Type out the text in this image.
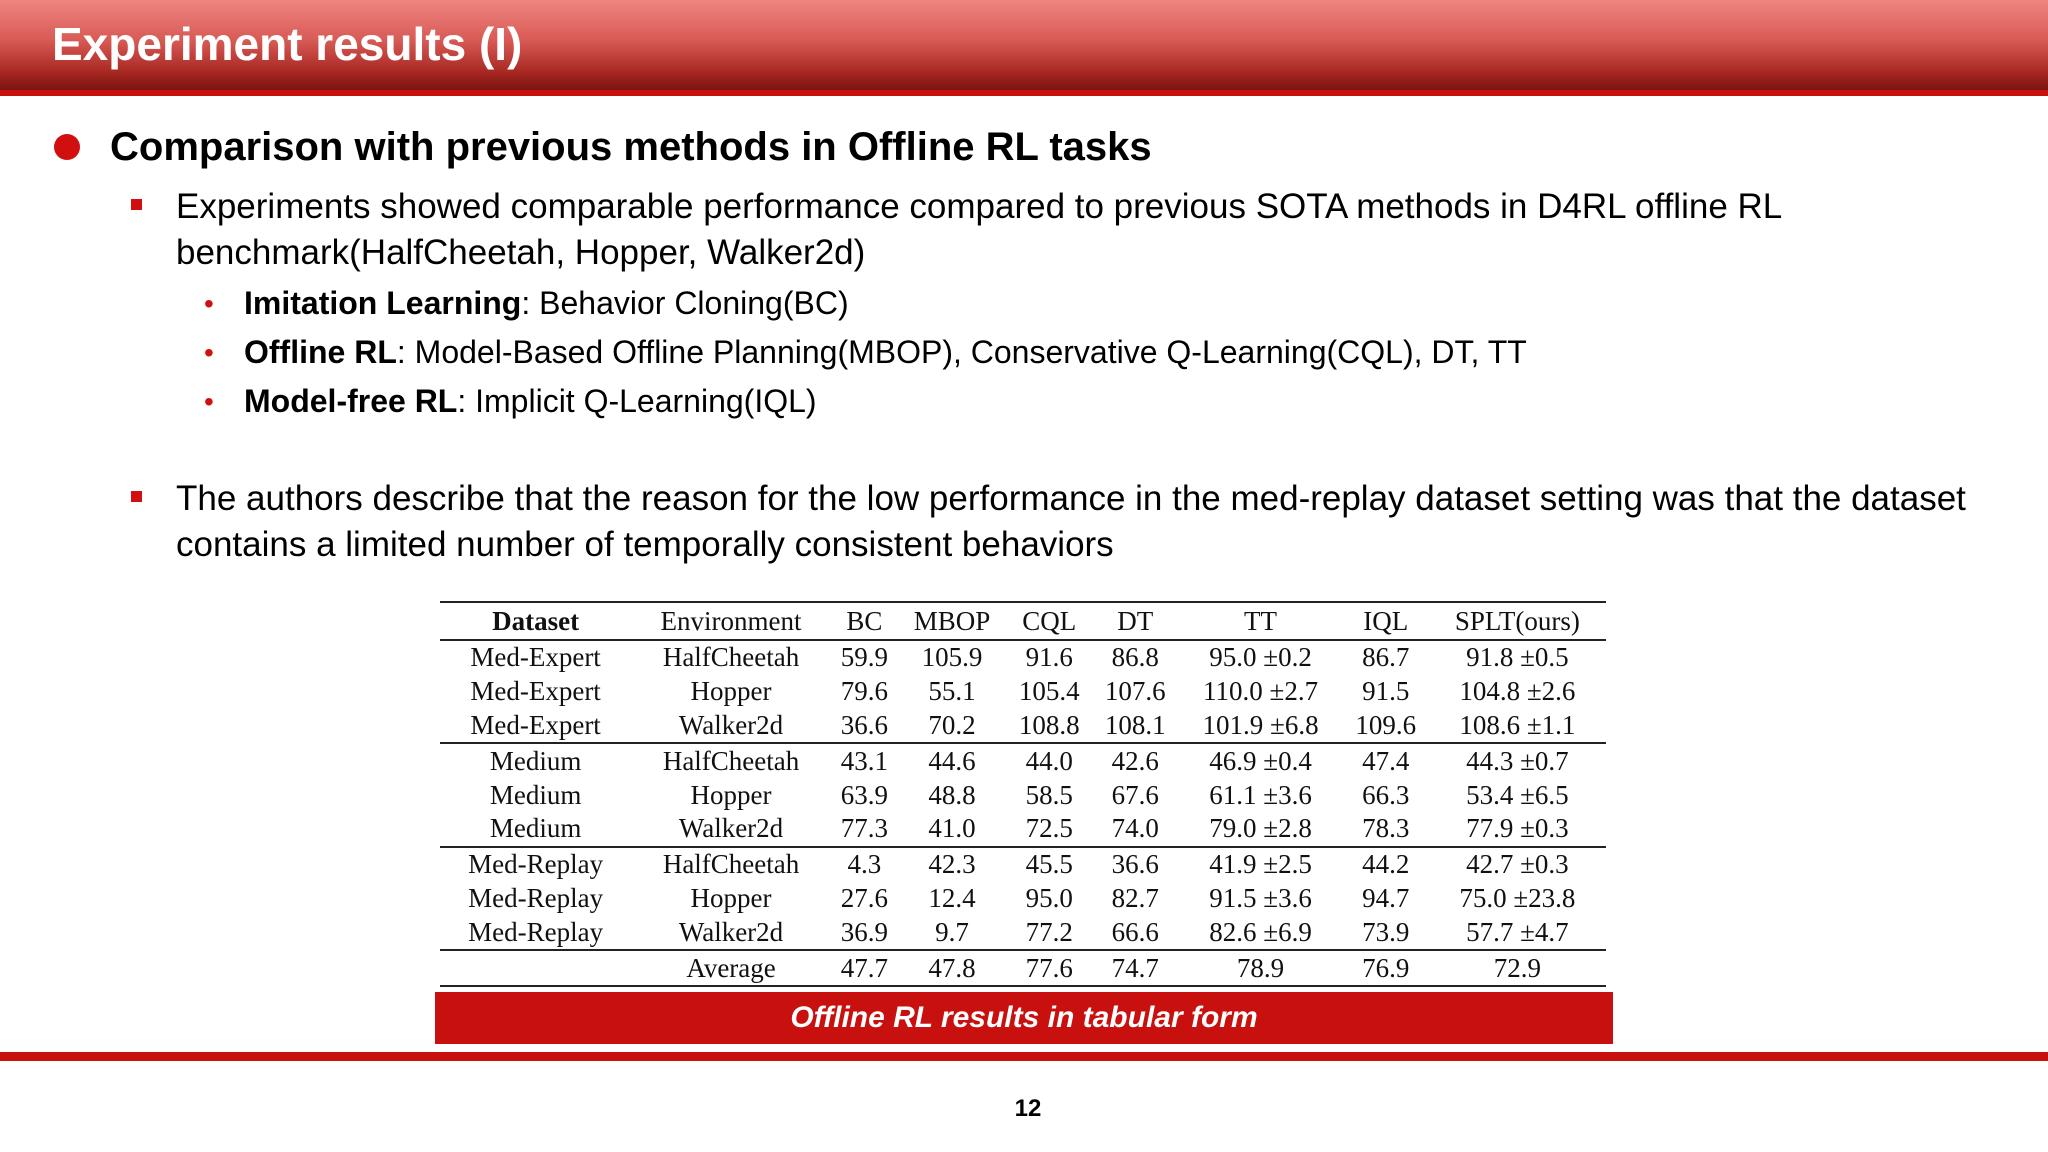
Experiment results (I)
Comparison with previous methods in Offline RL tasks
Experiments showed comparable performance compared to previous SOTA methods in D4RL offline RL benchmark(HalfCheetah, Hopper, Walker2d)
• Imitation Learning: Behavior Cloning(BC)
• Offline RL: Model-Based Offline Planning(MBOP), Conservative Q-Learning(CQL), DT, TT
• Model-free RL: Implicit Q-Learning(IQL)
The authors describe that the reason for the low performance in the med-replay dataset setting was that the dataset contains a limited number of temporally consistent behaviors
Dataset	Environment	BC	MBOP	CQL	DT	TT	IQL	SPLT(ours)
Med-Expert	HalfCheetah	59.9	105.9	91.6	86.8	95.0 ±0.2	86.7	91.8 ±0.5
Med-Expert	Hopper	79.6	55.1	105.4	107.6	110.0 ±2.7	91.5	104.8 ±2.6
Med-Expert	Walker2d	36.6	70.2	108.8	108.1	101.9 ±6.8	109.6	108.6 ±1.1
Medium	HalfCheetah	43.1	44.6	44.0	42.6	46.9 ±0.4	47.4	44.3 ±0.7
Medium	Hopper	63.9	48.8	58.5	67.6	61.1 ±3.6	66.3	53.4 ±6.5
Medium	Walker2d	77.3	41.0	72.5	74.0	79.0 ±2.8	78.3	77.9 ±0.3
Med-Replay	HalfCheetah	4.3	42.3	45.5	36.6	41.9 ±2.5	44.2	42.7 ±0.3
Med-Replay	Hopper	27.6	12.4	95.0	82.7	91.5 ±3.6	94.7	75.0 ±23.8
Med-Replay	Walker2d	36.9	9.7	77.2	66.6	82.6 ±6.9	73.9	57.7 ±4.7
	Average	47.7	47.8	77.6	74.7	78.9	76.9	72.9
Offline RL results in tabular form
12
